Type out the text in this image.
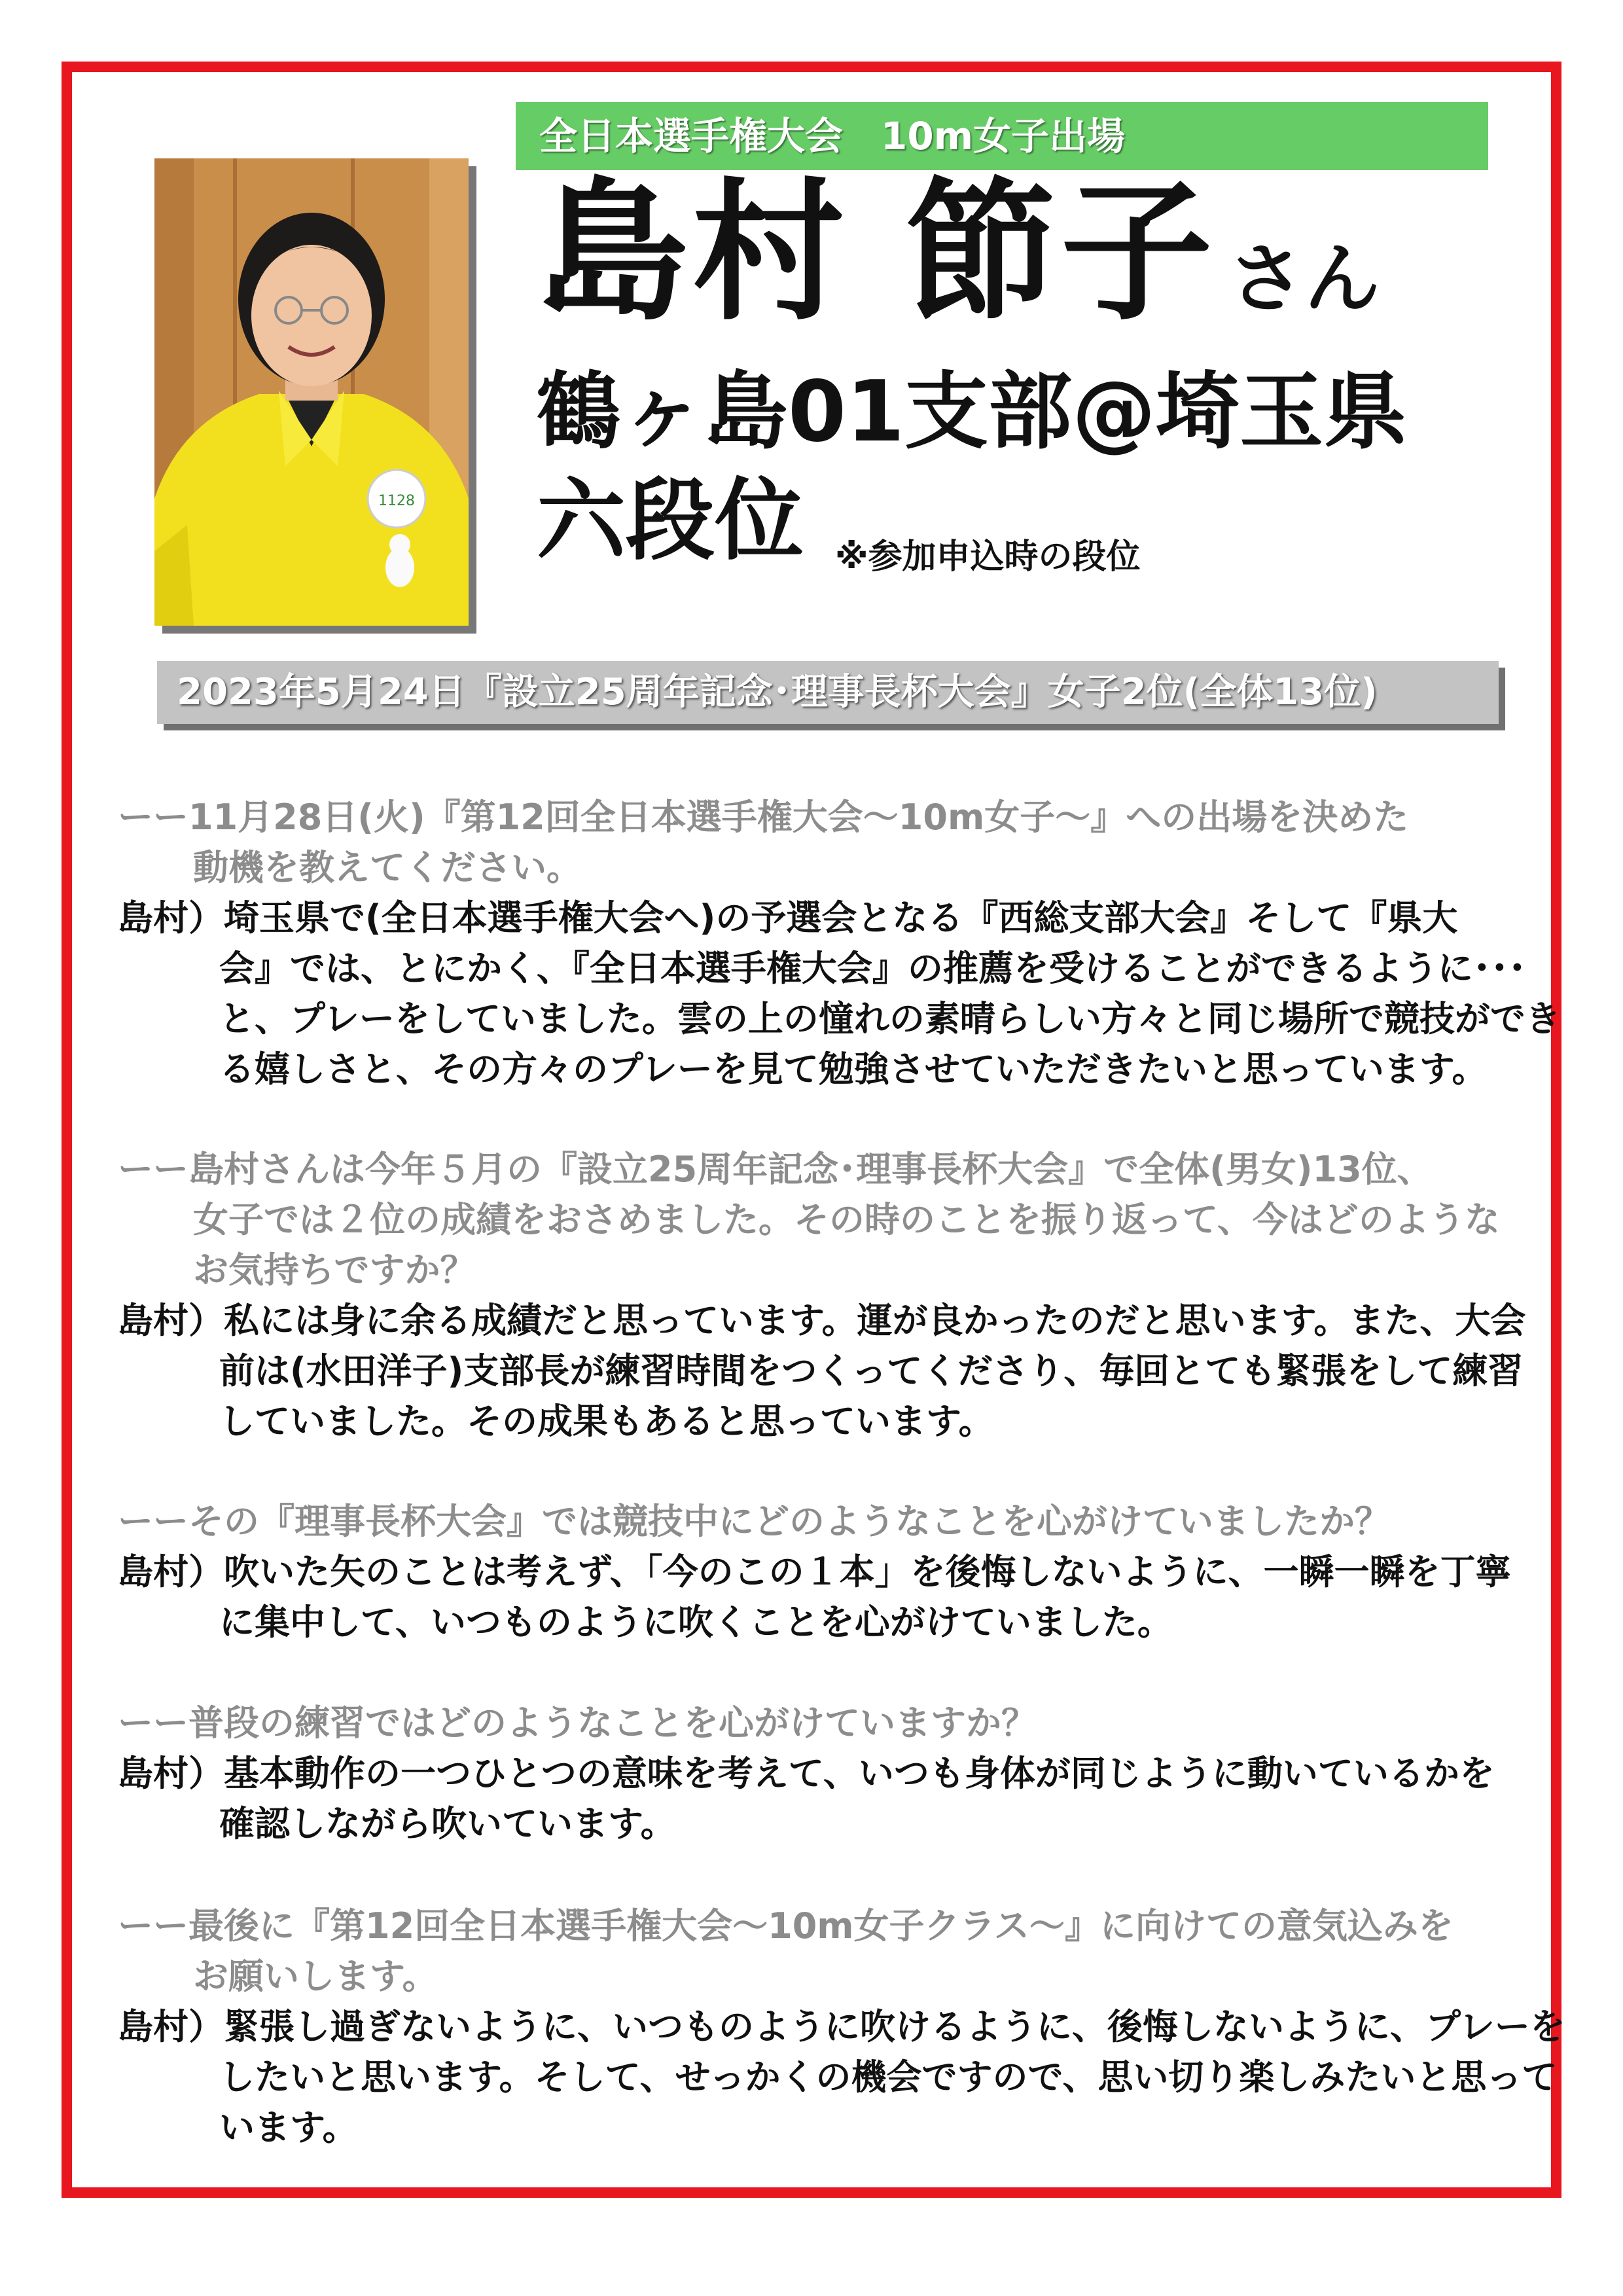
全日本選手権大会　10m女子出場
1128
島村 節子 さん
鶴ヶ島01支部@埼玉県
六段位 ※参加申込時の段位
2023年5月24日『設立25周年記念･理事長杯大会』女子2位(全体13位)
ーー11月28日(火)『第12回全日本選手権大会～10m女子～』への出場を決めた
動機を教えてください。
島村）埼玉県で(全日本選手権大会へ)の予選会となる『西総支部大会』そして『県大
会』では、とにかく、『全日本選手権大会』の推薦を受けることができるように･･･
と、プレーをしていました。雲の上の憧れの素晴らしい方々と同じ場所で競技ができ
る嬉しさと、その方々のプレーを見て勉強させていただきたいと思っています。
ーー島村さんは今年５月の『設立25周年記念･理事長杯大会』で全体(男女)13位、
女子では２位の成績をおさめました。その時のことを振り返って、今はどのような
お気持ちですか？
島村）私には身に余る成績だと思っています。運が良かったのだと思います。また、大会
前は(水田洋子)支部長が練習時間をつくってくださり、毎回とても緊張をして練習
していました。その成果もあると思っています。
ーーその『理事長杯大会』では競技中にどのようなことを心がけていましたか？
島村）吹いた矢のことは考えず、「今のこの１本」を後悔しないように、一瞬一瞬を丁寧
に集中して、いつものように吹くことを心がけていました。
ーー普段の練習ではどのようなことを心がけていますか？
島村）基本動作の一つひとつの意味を考えて、いつも身体が同じように動いているかを
確認しながら吹いています。
ーー最後に『第12回全日本選手権大会～10m女子クラス～』に向けての意気込みを
お願いします。
島村）緊張し過ぎないように、いつものように吹けるように、後悔しないように、プレーを
したいと思います。そして、せっかくの機会ですので、思い切り楽しみたいと思って
います。
